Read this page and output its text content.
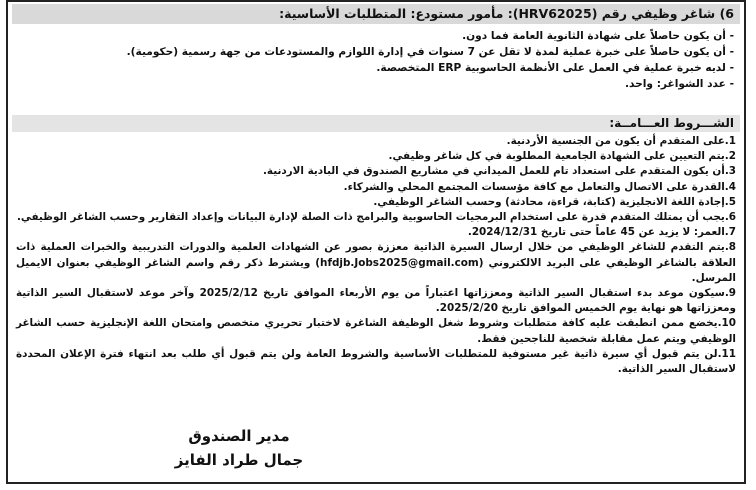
6) شاغر وظيفي رقم (HRV62025): مأمور مستودع: المتطلبات الأساسية:
- أن يكون حاصلاً على شهادة الثانوية العامة فما دون.
- أن يكون حاصلاً على خبرة عملية لمدة لا تقل عن 7 سنوات في إدارة اللوازم والمستودعات من جهة رسمية (حكومية).
- لديه خبرة عملية في العمل على الأنظمة الحاسوبية ERP المتخصصة.
- عدد الشواغر: واحد.
الشـــروط العـــامــة:
1.على المتقدم أن يكون من الجنسية الأردنية.
2.يتم التعيين على الشهادة الجامعية المطلوبة في كل شاغر وظيفي.
3.أن يكون المتقدم على استعداد تام للعمل الميداني في مشاريع الصندوق في البادية الاردنية.
4.القدرة على الاتصال والتعامل مع كافة مؤسسات المجتمع المحلي والشركاء.
5.إجادة اللغة الانجليزية (كتابة، قراءة، محادثة) وحسب الشاغر الوظيفي.
6.يجب أن يمتلك المتقدم قدرة على استخدام البرمجيات الحاسوبية والبرامج ذات الصلة لإدارة البيانات وإعداد التقارير وحسب الشاغر الوظيفي.
7.العمر: لا يزيد عن 45 عاماً حتى تاريخ 2024/12/31.
8.يتم التقدم للشاغر الوظيفي من خلال ارسال السيرة الذاتية معززة بصور عن الشهادات العلمية والدورات التدريبية والخبرات العملية ذات العلاقة بالشاغر الوظيفي على البريد الالكتروني (hfdjb.Jobs2025@gmail.com) ويشترط ذكر رقم واسم الشاغر الوظيفي بعنوان الايميل المرسل.
9.سيكون موعد بدء استقبال السير الذاتية ومعززاتها اعتباراً من يوم الأربعاء الموافق تاريخ 2025/2/12 وآخر موعد لاستقبال السير الذاتية ومعززاتها هو نهاية يوم الخميس الموافق تاريخ 2025/2/20.
10.يخضع ممن انطبقت عليه كافة متطلبات وشروط شغل الوظيفة الشاغرة لاختبار تحريري متخصص وامتحان اللغة الإنجليزية حسب الشاغر الوظيفي ويتم عمل مقابلة شخصية للناجحين فقط.
11.لن يتم قبول أي سيرة ذاتية غير مستوفية للمتطلبات الأساسية والشروط العامة ولن يتم قبول أي طلب بعد انتهاء فترة الإعلان المحددة لاستقبال السير الذاتية.
مدير الصندوق
جمال طراد الفايز
